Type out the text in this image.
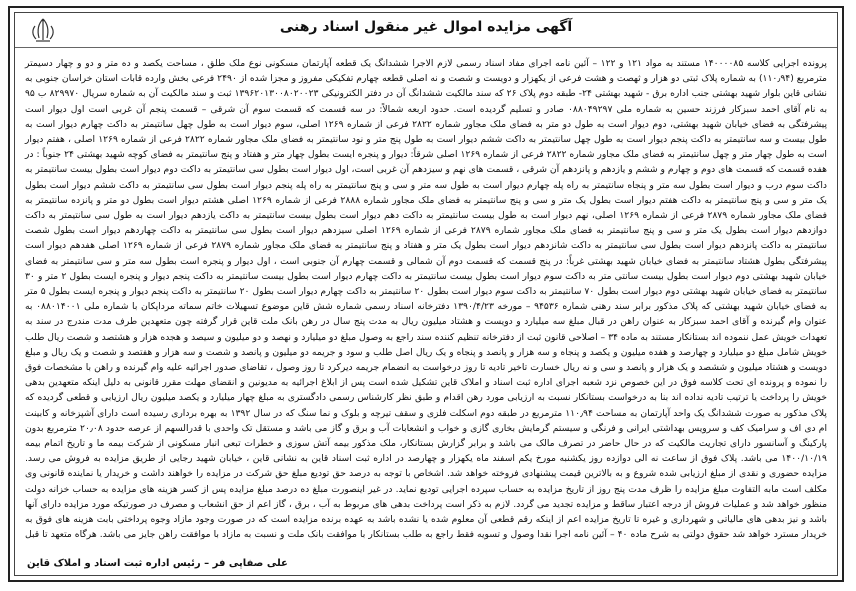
آگهی مزایده اموال غیر منقول اسناد رهنی
پرونده اجرایی کلاسه ۱۴۰۰۰۰۸۵ مستند به مواد ۱۲۱ و ۱۲۲ – آئین نامه اجرای مفاد اسناد رسمی لازم الاجرا ششدانگ یک قطعه آپارتمان مسکونی نوع ملک طلق ، مساحت یکصد و ده متر و دو و چهار دسیمتر مترمربع (۱۱۰٫۹۴) به شماره پلاک ثبتی دو هزار و ثهصت و هشت فرعی از یکهزار و دویست و شصت و نه اصلی قطعه چهارم تفکیکی مفروز و مجزا شده از ۲۴۹۰ فرعی بخش وارده قابات استان خراسان جنوبی به نشانی قاین بلوار شهید بهشتی جنب اداره برق - شهید بهشتی ۲۴- طبقه دوم پلاک ۲۶ که سند مالکیت ششدانگ آن در دفتر الکترونیکی ۱۳۹۶۲۰۱۳۰۰۸۰۲۰۰۲۳ ثبت و سند مالکیت آن به شماره سریال ۸۲۹۹۷۰ ب ۹۵ به نام آقای احمد سبزکار فرزند حسین به شماره ملی ۰۸۸۰۴۹۲۹۷ صادر و تسلیم گردیده است. حدود اربعه شمالاً: در سه قسمت که قسمت سوم آن شرقی – قسمت پنجم آن غربی است اول دیوار است پیشرفتگی به فضای خیابان شهید بهشتی، دوم دیوار است به طول دو متر به فضای ملک مجاور شماره ۲۸۲۲ فرعی از شماره ۱۲۶۹ اصلی، سوم دیوار است به طول چهل سانتیمتر به داکت چهارم دیوار است به طول بیست و سه سانتیمتر به داکت پنجم دیوار است به طول چهل سانتیمتر به داکت ششم دیوار است به طول پنج متر و نود سانتیمتر به فضای ملک مجاور شماره ۲۸۲۲ فرعی از شماره ۱۲۶۹ اصلی ، هفتم دیوار است به طول چهار متر و چهل سانتیمتر به فضای ملک مجاور شماره ۲۸۲۲ فرعی از شماره ۱۲۶۹ اصلی شرقاً: دیوار و پنجره ایست بطول چهار متر و هفتاد و پنج سانتیمتر به فضای کوچه شهید بهشتی ۲۴ جنوباً : در هفده قسمت که قسمت های دوم و چهارم و ششم و یازدهم و پانزدهم آن شرقی ، قسمت های نهم و سیزدهم آن غربی است، اول دیوار است بطول سی سانتیمتر به داکت دوم دیوار است بطول بیست سانتیمتر به داکت سوم درب و دیوار است بطول سه متر و پنجاه سانتیمتر به راه پله چهارم دیوار است به طول سه متر و سی و پنج سانتیمتر به راه پله پنجم دیوار است بطول سی سانتیمتر به داکت ششم دیوار است بطول یک متر و سی و پنج سانتیمتر به داکت هفتم دیوار است بطول یک متر و سی و پنج سانتیمتر به فضای ملک مجاور شماره ۲۸۸۸ فرعی از شماره ۱۲۶۹ اصلی هشتم دیوار است بطول دو متر و پانزده سانتیمتر به فضای ملک مجاور شماره ۲۸۷۹ فرعی از شماره ۱۲۶۹ اصلی، نهم دیوار است به طول بیست سانتیمتر به داکت دهم دیوار است بطول بیست سانتیمتر به داکت یازدهم دیوار است به طول سی سانتیمتر به داکت دوازدهم دیوار است بطول یک متر و سی و پنج سانتیمتر به فضای ملک مجاور شماره ۲۸۷۹ فرعی از شماره ۱۲۶۹ اصلی سیزدهم دیوار است بطول سی سانتیمتر به داکت چهاردهم دیوار است بطول شصت سانتیمتر به داکت پانزدهم دیوار است بطول سی سانتیمتر به داکت شانزدهم دیوار است بطول یک متر و هفتاد و پنج سانتیمتر به فضای ملک مجاور شماره ۲۸۷۹ فرعی از شماره ۱۲۶۹ اصلی هفدهم دیوار است پیشرفتگی بطول هشتاد سانتیمتر به فضای خیابان شهید بهشتی غرباً: در پنج قسمت که قسمت دوم آن شمالی و قسمت چهارم آن جنوبی است ، اول دیوار و پنجره است بطول سه متر و سی سانتیمتر به فضای خیابان شهید بهشتی دوم دیوار است بطول بیست سانتی متر به داکت سوم دیوار است بطول بیست سانتیمتر به داکت چهارم دیوار است بطول بیست سانتیمتر به داکت پنجم دیوار و پنجره ایست بطول ۲ متر و ۳۰ سانتیمتر به فضای خیابان شهید بهشتی دوم دیوار است بطول ۷۰ سانتیمتر به داکت سوم دیوار است بطول ۲۰ سانتیمتر به داکت چهارم دیوار است بطول ۲۰ سانتیمتر به داکت پنجم دیوار و پنجره ایست بطول ۵ متر به فضای خیابان شهید بهشتی که پلاک مذکور برابر سند رهنی شماره ۹۴۵۳۶ – مورخه ۱۳۹۰/۴/۲۳ دفترخانه اسناد رسمی شماره شش قاین موضوع تسهیلات خاتم سماته مرداپکان با شماره ملی ۰۸۸۰۱۴۰۰۱ به عنوان وام گیرنده و آقای احمد سبزکار به عنوان راهن در قبال مبلغ سه میلیارد و دویست و هشتاد میلیون ریال به مدت پنج سال در رهن بانک ملت قاین قرار گرفته چون متعهدین طرف مدت مندرج در سند به تعهدات خویش عمل ننموده اند بستانکار مستند به ماده ۳۴ – اصلاحی قانون ثبت از دفترخانه تنظیم کننده سند راجع به وصول مبلغ دو میلیارد و نهصد و دو میلیون و سیصد و هجده هزار و هشتصد و شصت ریال طلب خویش شامل مبلغ دو میلیارد و چهارصد و هفده میلیون و یکصد و پنجاه و سه هزار و پانصد و پنجاه و یک ریال اصل طلب و سود و جریمه دو میلیون و پانصد و شصت و سه هزار و هفتصد و شصت و یک ریال و مبلغ دویست و هشتاد میلیون و ششصد و یک هزار و پانصد و سی و نه ریال خسارت تاخیر تادیه تا روز درخواست به انضمام جریمه دیرکرد تا روز وصول ، تقاضای صدور اجرائیه علیه وام گیرنده و راهن با مشخصات فوق را نموده و پرونده ای تحت کلاسه فوق در این خصوص نزد شعبه اجرای اداره ثبت اسناد و املاک قاین تشکیل شده است پس از ابلاغ اجرائیه به مدیونین و انقضای مهلت مقرر قانونی به دلیل اینکه متعهدین بدهی خویش را پرداخت یا ترتیب تادیه نداده اند بنا به درخواست بستانکار نسبت به ارزیابی مورد رهن اقدام و طبق نظر کارشناس رسمی دادگستری به مبلغ چهار میلیارد و یکصد میلیون ریال ارزیابی و قطعی گردیده که پلاک مذکور به صورت ششدانگ یک واحد آپارتمان به مساحت ۱۱۰٫۹۴ مترمربع در طبقه دوم اسکلت فلزی و سقف تیرچه و بلوک و نما سنگ که در سال ۱۳۹۲ به بهره برداری رسیده است دارای آشپزخانه و کابینت ام دی اف و سرامیک کف و سرویس بهداشتی ایرانی و فرنگی و سیستم گرمایش بخاری گازی و خواب و انشعابات آب و برق و گاز می باشد و مستقل تک واحدی با قدرالسهم از عرصه حدود ۲۰٫۰۸ مترمربع بدون پارکینگ و آسانسور دارای تجاریت مالکیت که در حال حاضر در تصرف مالک می باشد و برابر گزارش بستانکار، ملک مذکور بیمه آتش سوزی و خطرات تبعی انبار مسکونی از شرکت بیمه ما و تاریخ اتمام بیمه ۱۴۰۰/۱۰/۱۹ می باشد. پلاک فوق از ساعت نه الی دوازده روز یکشنبه مورخ یکم اسفند ماه یکهزار و چهارصد در اداره ثبت اسناد قاین به نشانی قاین ، خیابان شهید رجایی از طریق مزایده به فروش می رسد. مزایده حضوری و نقدی از مبلغ ارزیابی شده شروع و به بالاترین قیمت پیشنهادی فروخته خواهد شد. اشخاص با توجه به درصد حق تودیع مبلغ حق شرکت در مزایده را خواهند داشت و خریدار یا نماینده قانونی وی مکلف است مابه التفاوت مبلغ مزایده را ظرف مدت پنج روز از تاریخ مزایده به حساب سپرده اجرایی تودیع نماید. در غیر اینصورت مبلغ ده درصد مبلغ مزایده پس از کسر هزینه های مزایده به حساب خزانه دولت منظور خواهد شد و عملیات فروش از درجه اعتبار ساقط و مزایده تجدید می گردد. لازم به ذکر است پرداخت بدهی های مربوط به آب ، برق ، گاز اعم از حق انشعاب و مصرف در صورتیکه مورد مزایده دارای آنها باشد و نیز بدهی های مالیاتی و شهرداری و غیره تا تاریخ مزایده اعم از اینکه رقم قطعی آن معلوم شده یا نشده باشد به عهده برنده مزایده است که در صورت وجود مازاد وجوه پرداختی بابت هزینه های فوق به خریدار مسترد خواهد شد حقوق دولتی به شرح ماده ۴۰ – آئین نامه اجرا نقدا وصول و تسویه فقط راجع به طلب بستانکار با موافقت بانک ملت و نسبت به مازاد با موافقت راهن جایز می باشد. هرگاه متعهد تا قبل
علی صفاپی فر – رئیس اداره ثبت اسناد و املاک قاین
